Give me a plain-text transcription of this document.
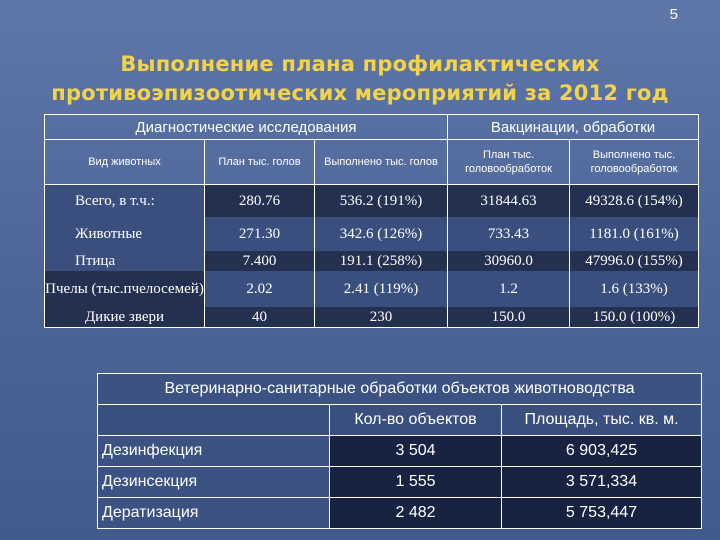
5
Выполнение плана профилактических
противоэпизоотических мероприятий за 2012 год
Диагностические исследования			Вакцинации, обработки	
Вид животных	План тыс. голов	Выполнено тыс. голов	План тыс. головообработок	Выполнено тыс. головообработок
Всего, в т.ч.:	280.76	536.2 (191%)	31844.63	49328.6 (154%)
Животные	271.30	342.6 (126%)	733.43	1181.0 (161%)
Птица	7.400	191.1 (258%)	30960.0	47996.0 (155%)
Пчелы (тыс.пчелосемей)	2.02	2.41 (119%)	1.2	1.6 (133%)
Дикие звери	40	230	150.0	150.0 (100%)
Ветеринарно-санитарные обработки объектов животноводства		
	Кол-во объектов	Площадь, тыс. кв. м.
Дезинфекция	3 504	6 903,425
Дезинсекция	1 555	3 571,334
Дератизация	2 482	5 753,447
